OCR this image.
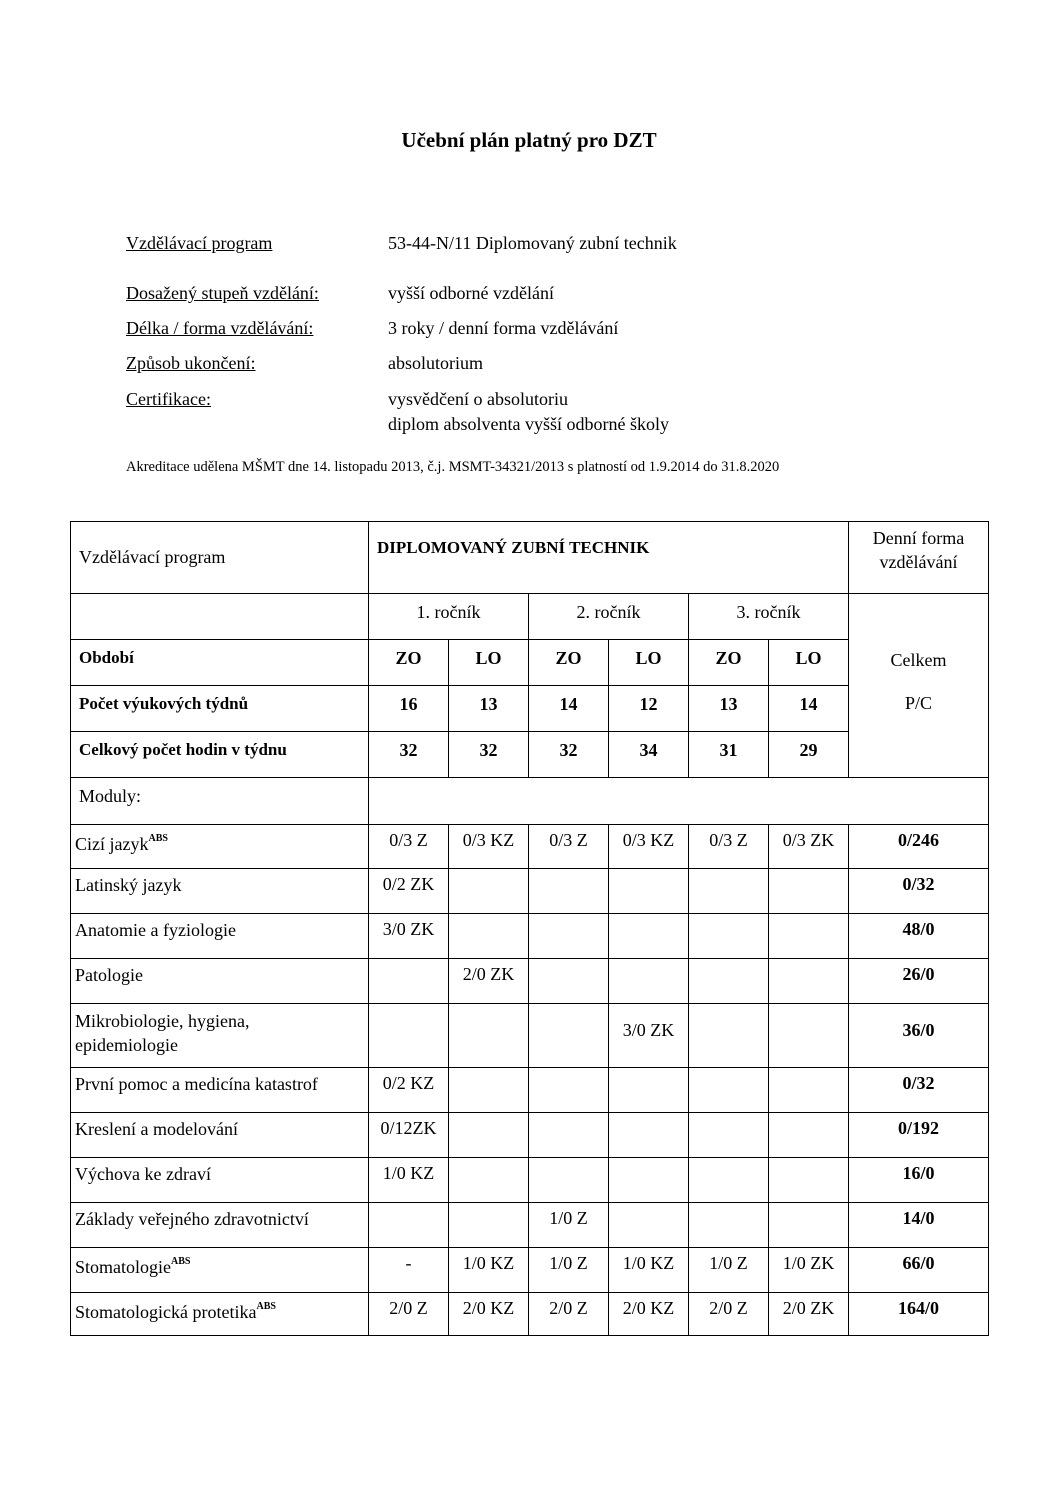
Učební plán platný pro DZT
Vzdělávací program	53-44-N/11 Diplomovaný zubní technik
Dosažený stupeň vzdělání:	vyšší odborné vzdělání
Délka / forma vzdělávání:	3 roky / denní forma vzdělávání
Způsob ukončení:	absolutorium
Certifikace:	vysvědčení o absolutoriu
diplom absolventa vyšší odborné školy
Akreditace udělena MŠMT dne 14. listopadu 2013, č.j. MSMT-34321/2013 s platností od 1.9.2014 do 31.8.2020
Vzdělávací program	DIPLOMOVANÝ ZUBNÍ TECHNIK						Denní forma
vzdělávání

	1. ročník		2. ročník		3. ročník		Celkem
P/C

Období	ZO	LO	ZO	LO	ZO	LO	
Počet výukových týdnů	16	13	14	12	13	14	
Celkový počet hodin v týdnu	32	32	32	34	31	29	
Moduly:							
Cizí jazyk$^{ABS}$	0/3 Z	0/3 KZ	0/3 Z	0/3 KZ	0/3 Z	0/3 ZK	0/246
Latinský jazyk	0/2 ZK						0/32
Anatomie a fyziologie	3/0 ZK						48/0
Patologie		2/0 ZK					26/0
Mikrobiologie, hygiena,
epidemiologie				3/0 ZK			36/0
První pomoc a medicína katastrof	0/2 KZ						0/32
Kreslení a modelování	0/12ZK						0/192
Výchova ke zdraví	1/0 KZ						16/0
Základy veřejného zdravotnictví			1/0 Z				14/0
Stomatologie$^{ABS}$	-	1/0 KZ	1/0 Z	1/0 KZ	1/0 Z	1/0 ZK	66/0
Stomatologická protetika$^{ABS}$	2/0 Z	2/0 KZ	2/0 Z	2/0 KZ	2/0 Z	2/0 ZK	164/0
